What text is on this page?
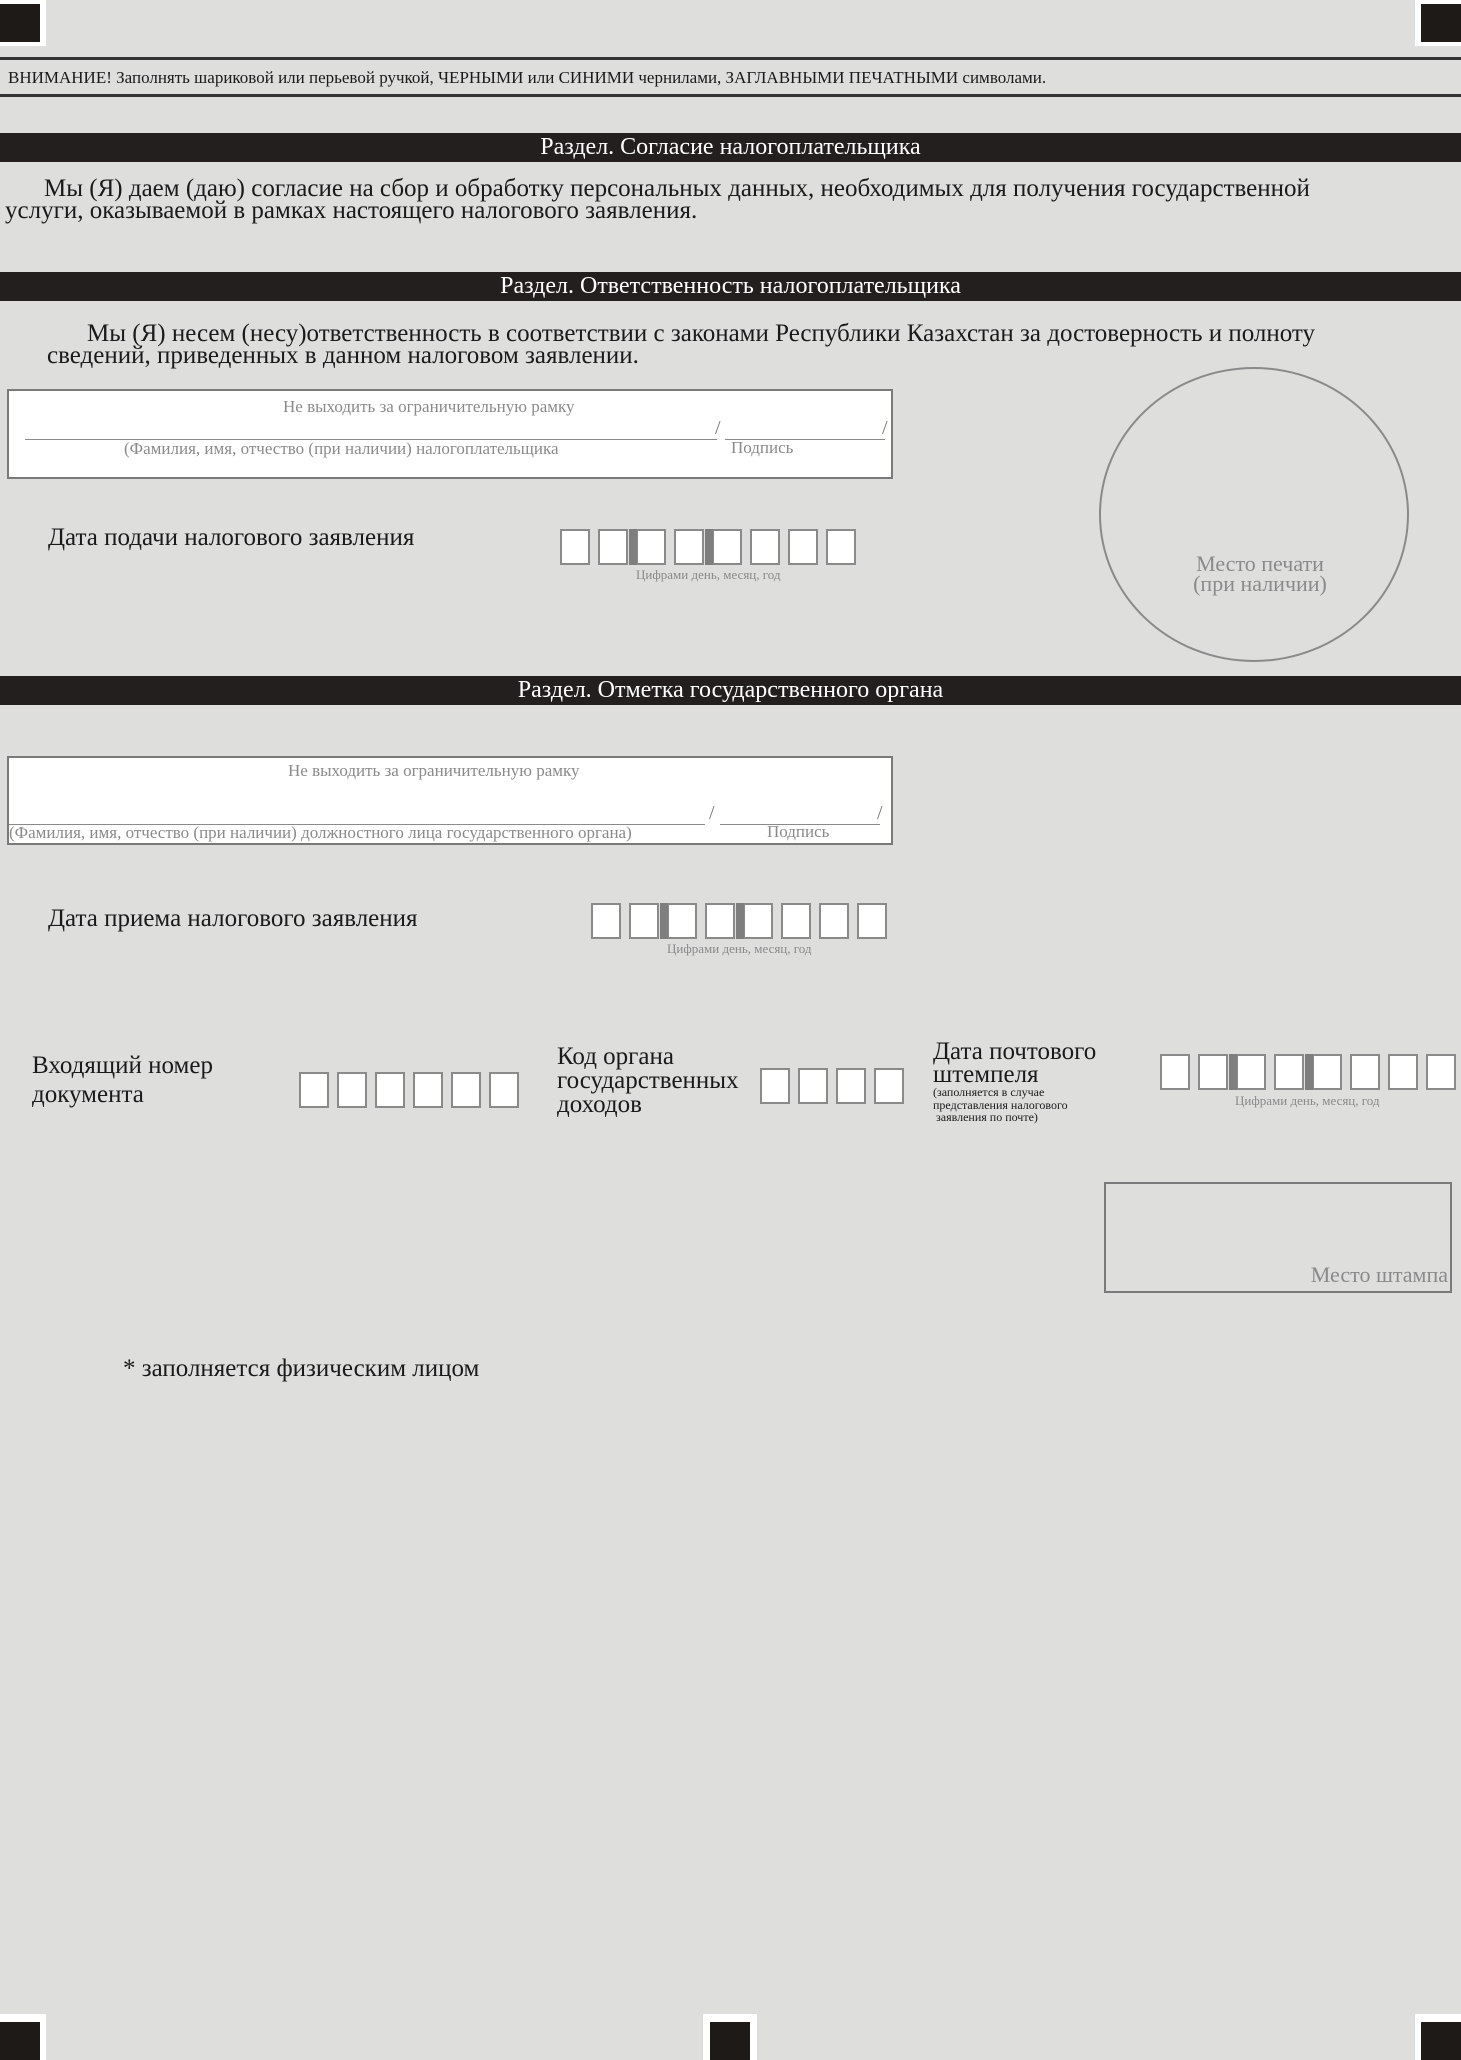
ВНИМАНИЕ! Заполнять шариковой или перьевой ручкой, ЧЕРНЫМИ или СИНИМИ чернилами, ЗАГЛАВНЫМИ ПЕЧАТНЫМИ символами.
Раздел. Согласие налогоплательщика
Мы (Я) даем (даю) согласие на сбор и обработку персональных данных, необходимых для получения государственной
услуги, оказываемой в рамках настоящего налогового заявления.
Раздел. Ответственность налогоплательщика
Мы (Я) несем (несу)ответственность в соответствии с законами Республики Казахстан за достоверность и полноту
сведений, приведенных в данном налоговом заявлении.
Не выходить за ограничительную рамку
/	/
(Фамилия, имя, отчество (при наличии) налогоплательщика	Подпись
Дата подачи налогового заявления
Цифрами день, месяц, год	Место печати
(при наличии)
Раздел. Отметка государственного органа
Не выходить за ограничительную рамку
/	/
(Фамилия, имя, отчество (при наличии) должностного лица государственного органа)	Подпись
Дата приема налогового заявления
Цифрами день, месяц, год
Входящий номер
документа
Код органа
государственных
доходов
Дата почтового
штемпеля
(заполняется в случае
представления налогового
заявления по почте)
Цифрами день, месяц, год
Место штампа
* заполняется физическим лицом
